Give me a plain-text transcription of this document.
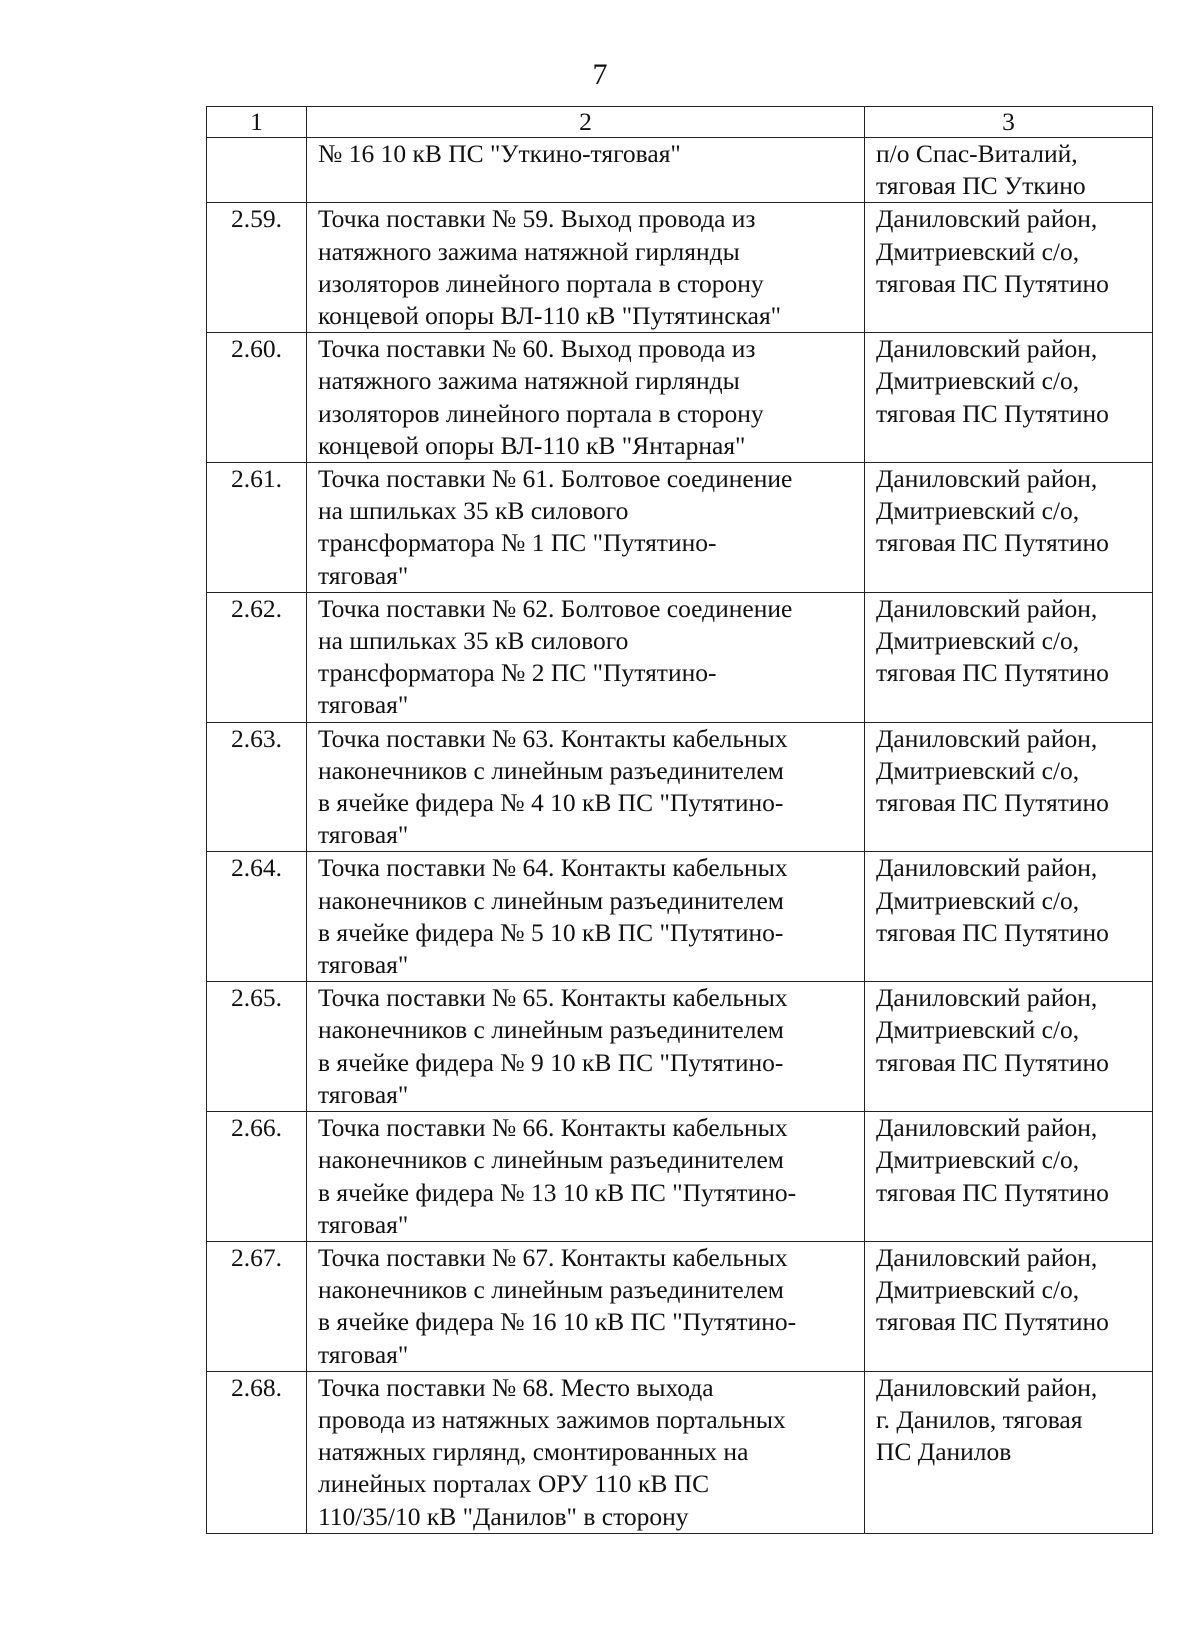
7
1	2	3

	№ 16 10 кВ ПС "Уткино-тяговая"	п/о Спас-Виталий,
тяговая ПС Уткино

2.59.	Точка поставки № 59. Выход провода из
натяжного зажима натяжной гирлянды
изоляторов линейного портала в сторону
концевой опоры ВЛ-110 кВ "Путятинская"	Даниловский район,
Дмитриевский с/о,
тяговая ПС Путятино

2.60.	Точка поставки № 60. Выход провода из
натяжного зажима натяжной гирлянды
изоляторов линейного портала в сторону
концевой опоры ВЛ-110 кВ "Янтарная"	Даниловский район,
Дмитриевский с/о,
тяговая ПС Путятино

2.61.	Точка поставки № 61. Болтовое соединение
на шпильках 35 кВ силового
трансформатора № 1 ПС "Путятино-
тяговая"	Даниловский район,
Дмитриевский с/о,
тяговая ПС Путятино

2.62.	Точка поставки № 62. Болтовое соединение
на шпильках 35 кВ силового
трансформатора № 2 ПС "Путятино-
тяговая"	Даниловский район,
Дмитриевский с/о,
тяговая ПС Путятино

2.63.	Точка поставки № 63. Контакты кабельных
наконечников с линейным разъединителем
в ячейке фидера № 4 10 кВ ПС "Путятино-
тяговая"	Даниловский район,
Дмитриевский с/о,
тяговая ПС Путятино

2.64.	Точка поставки № 64. Контакты кабельных
наконечников с линейным разъединителем
в ячейке фидера № 5 10 кВ ПС "Путятино-
тяговая"	Даниловский район,
Дмитриевский с/о,
тяговая ПС Путятино

2.65.	Точка поставки № 65. Контакты кабельных
наконечников с линейным разъединителем
в ячейке фидера № 9 10 кВ ПС "Путятино-
тяговая"	Даниловский район,
Дмитриевский с/о,
тяговая ПС Путятино

2.66.	Точка поставки № 66. Контакты кабельных
наконечников с линейным разъединителем
в ячейке фидера № 13 10 кВ ПС "Путятино-
тяговая"	Даниловский район,
Дмитриевский с/о,
тяговая ПС Путятино

2.67.	Точка поставки № 67. Контакты кабельных
наконечников с линейным разъединителем
в ячейке фидера № 16 10 кВ ПС "Путятино-
тяговая"	Даниловский район,
Дмитриевский с/о,
тяговая ПС Путятино

2.68.	Точка поставки № 68. Место выхода
провода из натяжных зажимов портальных
натяжных гирлянд, смонтированных на
линейных порталах ОРУ 110 кВ ПС
110/35/10 кВ "Данилов" в сторону	Даниловский район,
г. Данилов, тяговая
ПС Данилов
